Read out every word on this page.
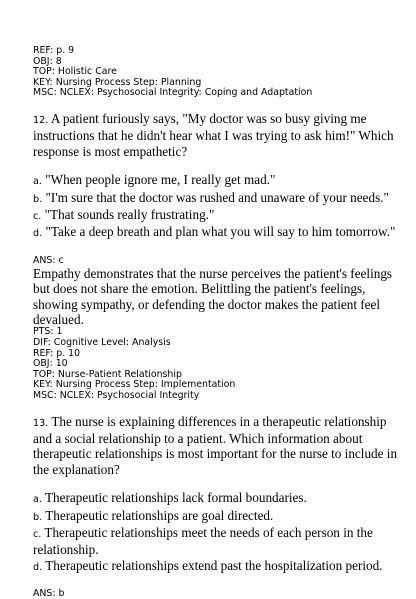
REF: p. 9
OBJ: 8
TOP: Holistic Care
KEY: Nursing Process Step: Planning
MSC: NCLEX: Psychosocial Integrity: Coping and Adaptation

12. A patient furiously says, "My doctor was so busy giving me instructions that he didn't hear what I was trying to ask him!" Which response is most empathetic?

a. "When people ignore me, I really get mad."

b. "I'm sure that the doctor was rushed and unaware of your needs."

c. "That sounds really frustrating."

d. "Take a deep breath and plan what you will say to him tomorrow."

ANS: c

Empathy demonstrates that the nurse perceives the patient's feelings but does not share the emotion. Belittling the patient's feelings, showing sympathy, or defending the doctor makes the patient feel devalued.

PTS: 1
DIF: Cognitive Level: Analysis
REF: p. 10
OBJ: 10
TOP: Nurse-Patient Relationship
KEY: Nursing Process Step: Implementation
MSC: NCLEX: Psychosocial Integrity

13. The nurse is explaining differences in a therapeutic relationship and a social relationship to a patient. Which information about therapeutic relationships is most important for the nurse to include in the explanation?

a. Therapeutic relationships lack formal boundaries.

b. Therapeutic relationships are goal directed.

c. Therapeutic relationships meet the needs of each person in the relationship.

d. Therapeutic relationships extend past the hospitalization period.

ANS: b
